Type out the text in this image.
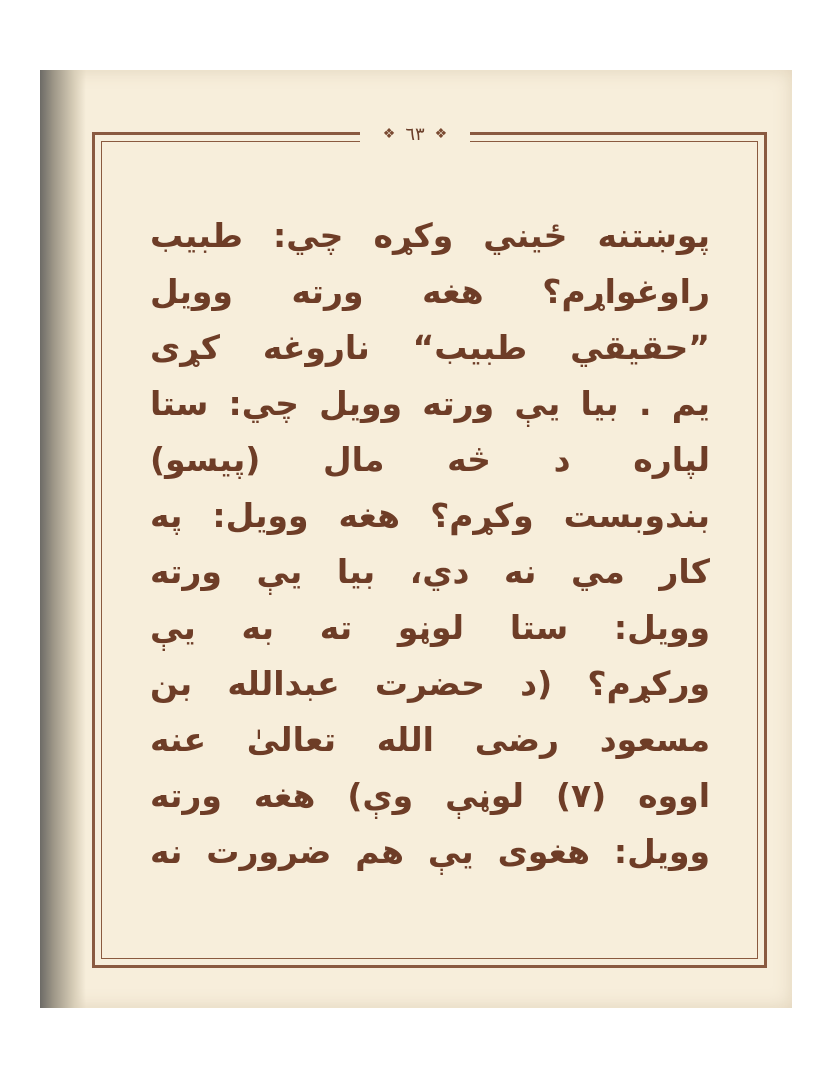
❖ ٦٣ ❖
پوښتنه ځيني وکړه چي: طبيب
راوغواړم؟ هغه ورته وويل
”حقيقي طبيب“ ناروغه کړی
يم . بيا يې ورته وويل چي: ستا
لپاره د څه مال (پيسو)
بندوبست وکړم؟ هغه وويل: په
کار مي نه دي، بيا يې ورته
وويل: ستا لوڼو ته به يې
ورکړم؟ (د حضرت عبدالله بن
مسعود رضی الله تعالیٰ عنه
اووه (٧) لوڼې وې) هغه ورته
وويل: هغوی يې هم ضرورت نه
